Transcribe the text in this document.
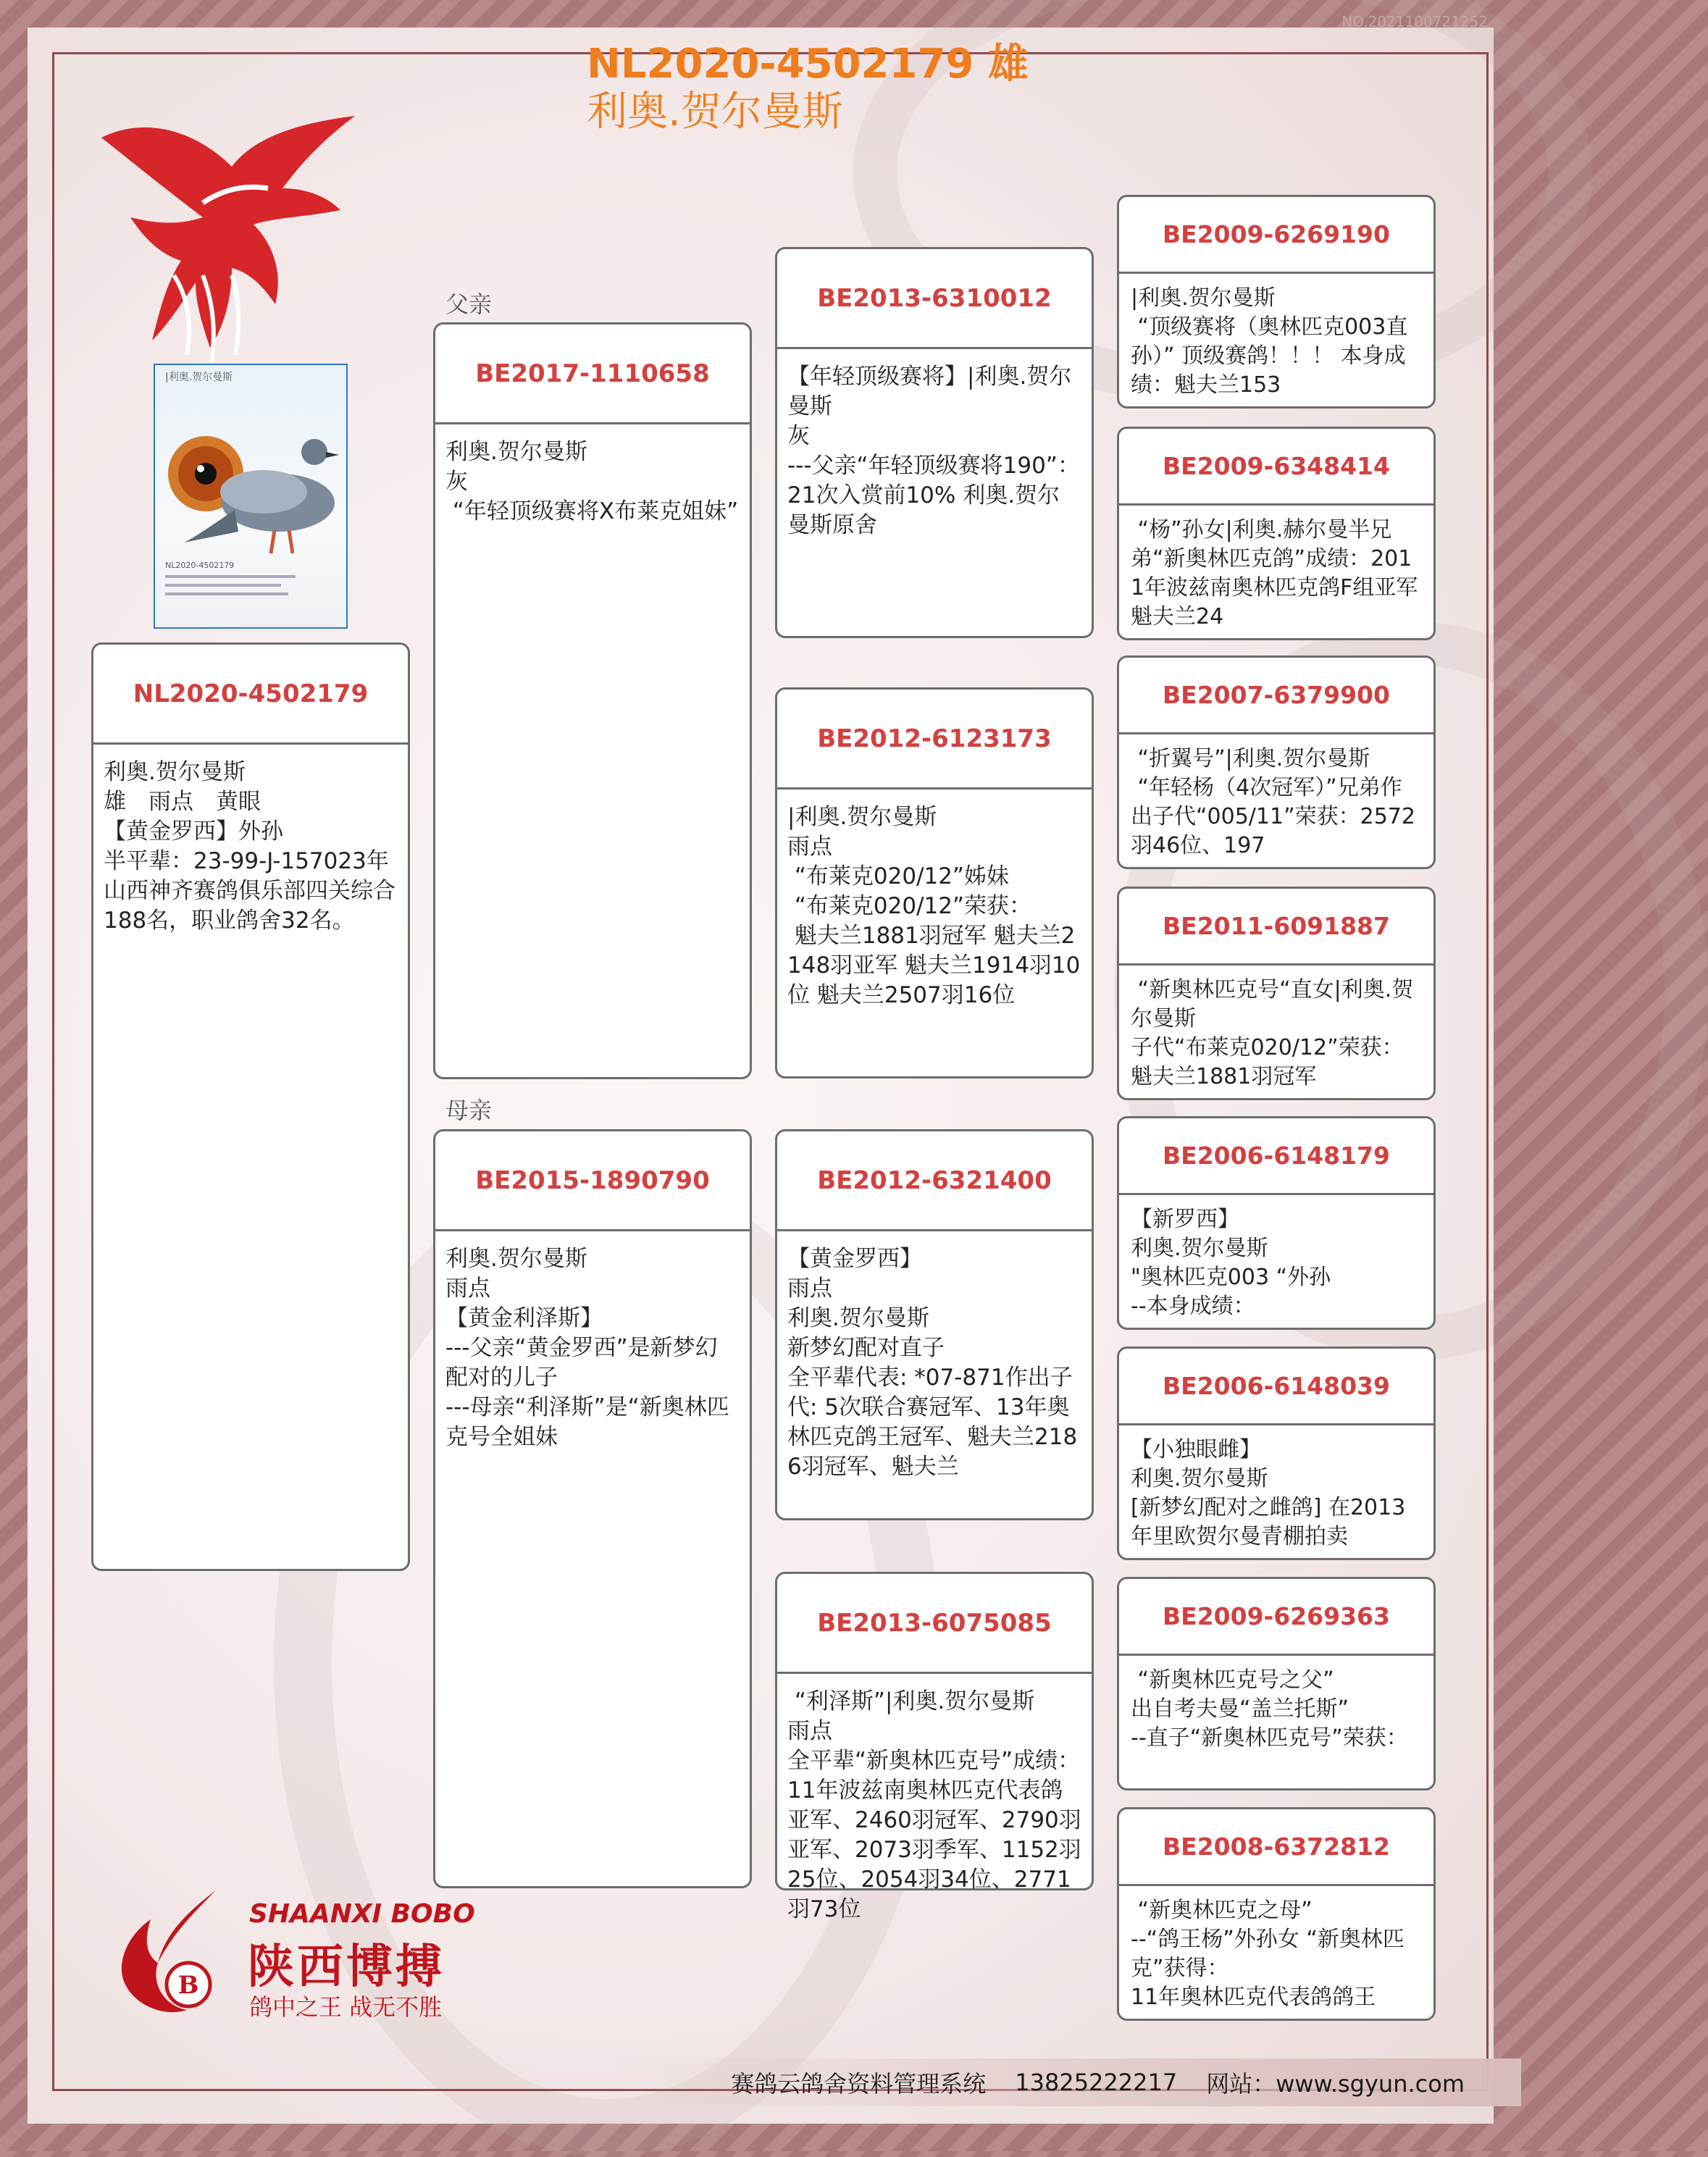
NO.2021100721252
NL2020-4502179 雄
利奥.贺尔曼斯
|利奥.贺尔曼斯
NL2020-4502179
父亲
母亲
NL2020-4502179
利奥.贺尔曼斯
雄　雨点　黄眼
【黄金罗西】外孙
半平辈：23-99-J-157023年山西神齐赛鸽俱乐部四关综合188名，职业鸽舍32名。
BE2017-1110658
利奥.贺尔曼斯
灰
“年轻顶级赛将X布莱克姐妹”
BE2015-1890790
利奥.贺尔曼斯
雨点
【黄金利泽斯】
---父亲“黄金罗西”是新梦幻配对的儿子
---母亲“利泽斯”是“新奥林匹克号全姐妹
BE2013-6310012
【年轻顶级赛将】|利奥.贺尔曼斯
灰
---父亲“年轻顶级赛将190”：21次入赏前10% 利奥.贺尔曼斯原舍
BE2012-6123173
|利奥.贺尔曼斯
雨点
“布莱克020/12”姊妹
“布莱克020/12”荣获：
魁夫兰1881羽冠军 魁夫兰2148羽亚军 魁夫兰1914羽10位 魁夫兰2507羽16位
BE2012-6321400
【黄金罗西】
雨点
利奥.贺尔曼斯
新梦幻配对直子
全平辈代表: *07-871作出子代: 5次联合赛冠军、13年奥林匹克鸽王冠军、魁夫兰2186羽冠军、魁夫兰
BE2013-6075085
“利泽斯”|利奥.贺尔曼斯
雨点
全平辈“新奥林匹克号”成绩：11年波兹南奥林匹克代表鸽亚军、2460羽冠军、2790羽亚军、2073羽季军、1152羽25位、2054羽34位、2771羽73位
BE2009-6269190
|利奥.贺尔曼斯
“顶级赛将（奥林匹克003直孙）” 顶级赛鸽！！！ 本身成绩：魁夫兰153
BE2009-6348414
“杨”孙女|利奥.赫尔曼半兄弟“新奥林匹克鸽”成绩：2011年波兹南奥林匹克鸽F组亚军 魁夫兰24
BE2007-6379900
“折翼号”|利奥.贺尔曼斯
“年轻杨（4次冠军）”兄弟作出子代“005/11”荣获：2572羽46位、197
BE2011-6091887
“新奥林匹克号“直女|利奥.贺尔曼斯
子代“布莱克020/12”荣获： 魁夫兰1881羽冠军
BE2006-6148179
【新罗西】
利奥.贺尔曼斯
"奥林匹克003 “外孙
--本身成绩：
BE2006-6148039
【小独眼雌】
利奥.贺尔曼斯
[新梦幻配对之雌鸽] 在2013年里欧贺尔曼青棚拍卖
BE2009-6269363
“新奥林匹克号之父”
出自考夫曼“盖兰托斯”
--直子“新奥林匹克号”荣获：
BE2008-6372812
“新奥林匹克之母”
--“鸽王杨”外孙女 “新奥林匹克”获得：
11年奥林匹克代表鸽鸽王
B
SHAANXI BOBO
陕西博搏
鸽中之王 战无不胜
赛鸽云鸽舍资料管理系统 13825222217 网站：www.sgyun.com
